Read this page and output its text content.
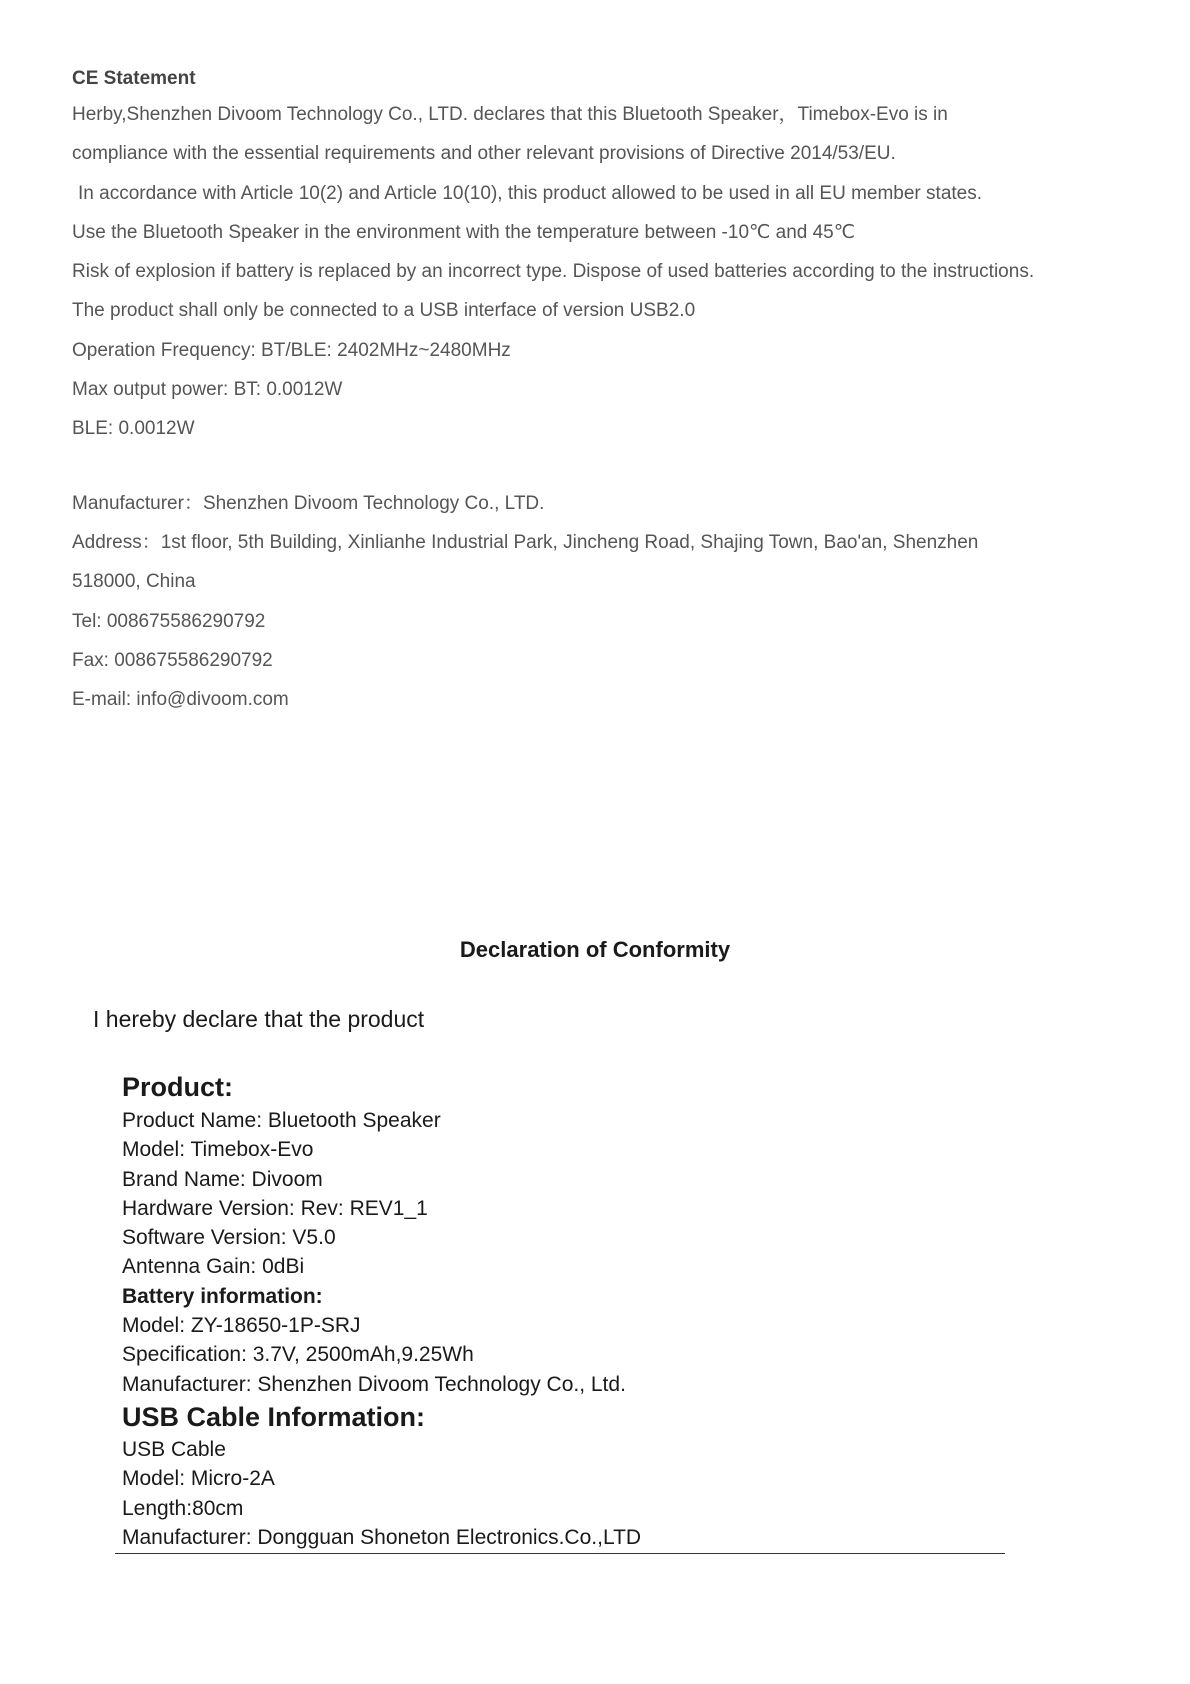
CE Statement
Herby,Shenzhen Divoom Technology Co., LTD. declares that this Bluetooth Speaker，Timebox-Evo is in
compliance with the essential requirements and other relevant provisions of Directive 2014/53/EU.
In accordance with Article 10(2) and Article 10(10), this product allowed to be used in all EU member states.
Use the Bluetooth Speaker in the environment with the temperature between -10℃ and 45℃
Risk of explosion if battery is replaced by an incorrect type. Dispose of used batteries according to the instructions.
The product shall only be connected to a USB interface of version USB2.0
Operation Frequency: BT/BLE: 2402MHz~2480MHz
Max output power: BT: 0.0012W
BLE: 0.0012W
Manufacturer：Shenzhen Divoom Technology Co., LTD.
Address：1st floor, 5th Building, Xinlianhe Industrial Park, Jincheng Road, Shajing Town, Bao'an, Shenzhen
518000, China
Tel: 008675586290792
Fax: 008675586290792
E-mail: info@divoom.com
Declaration of Conformity
I hereby declare that the product
Product:
Product Name: Bluetooth Speaker
Model: Timebox-Evo
Brand Name: Divoom
Hardware Version: Rev: REV1_1
Software Version: V5.0
Antenna Gain: 0dBi
Battery information:
Model: ZY-18650-1P-SRJ
Specification: 3.7V, 2500mAh,9.25Wh
Manufacturer: Shenzhen Divoom Technology Co., Ltd.
USB Cable Information:
USB Cable
Model: Micro-2A
Length:80cm
Manufacturer: Dongguan Shoneton Electronics.Co.,LTD
